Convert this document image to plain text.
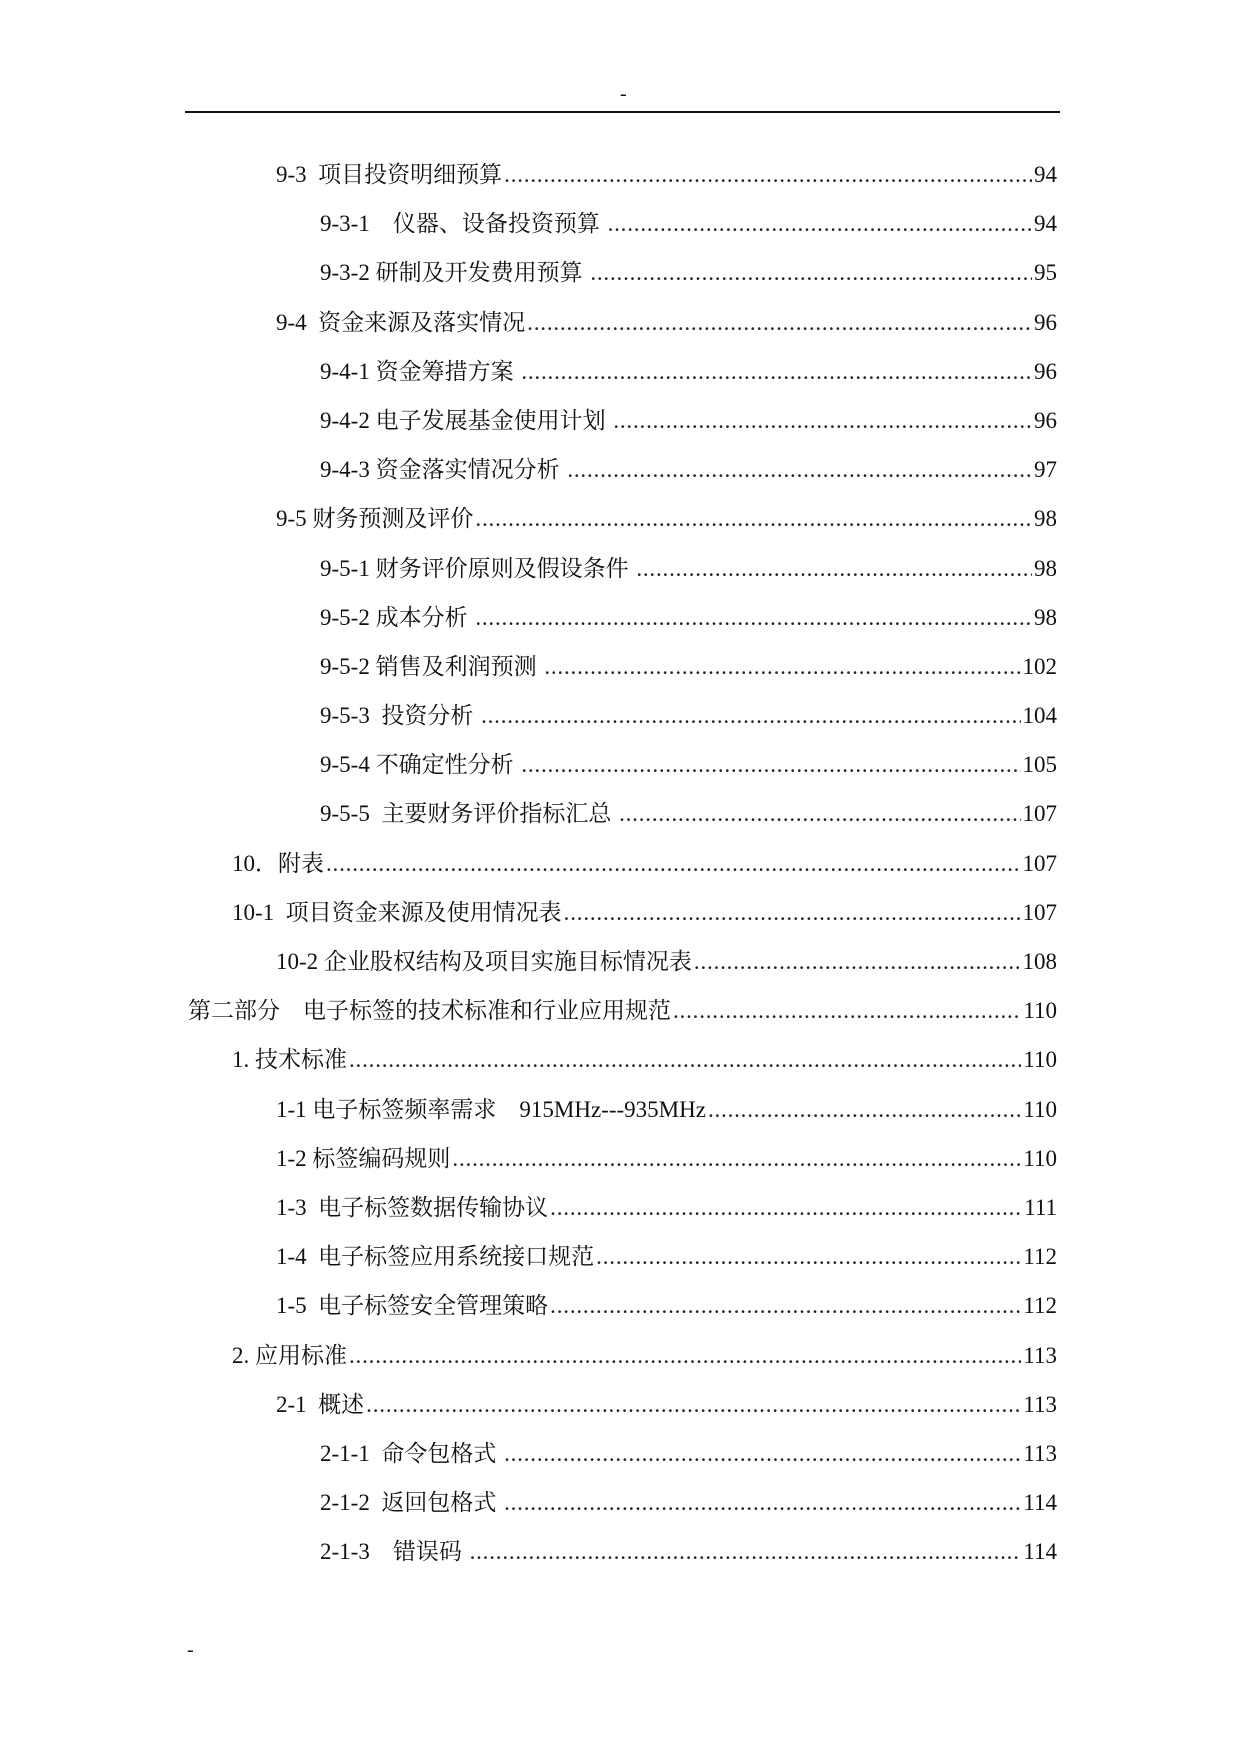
-
9-3  项目投资明细预算 .....	94
9-3-1    仪器、设备投资预算 .....	94
9-3-2 研制及开发费用预算 .....	95
9-4  资金来源及落实情况 .....	96
9-4-1 资金筹措方案 .....	96
9-4-2 电子发展基金使用计划 .....	96
9-4-3 资金落实情况分析 .....	97
9-5 财务预测及评价 .....	98
9-5-1 财务评价原则及假设条件 .....	98
9-5-2 成本分析 .....	98
9-5-2 销售及利润预测 .....	102
9-5-3  投资分析 .....	104
9-5-4 不确定性分析 .....	105
9-5-5  主要财务评价指标汇总 .....	107
10．附表 .....	107
10-1  项目资金来源及使用情况表 .....	107
10-2 企业股权结构及项目实施目标情况表 .....	108
第二部分    电子标签的技术标准和行业应用规范 .....	110
1. 技术标准 .....	110
1-1 电子标签频率需求    915MHz---935MHz .....	110
1-2 标签编码规则 .....	110
1-3  电子标签数据传输协议 .....	111
1-4  电子标签应用系统接口规范 .....	112
1-5  电子标签安全管理策略 .....	112
2. 应用标准 .....	113
2-1  概述 .....	113
2-1-1  命令包格式 .....	113
2-1-2  返回包格式 .....	114
2-1-3    错误码 .....	114
-
